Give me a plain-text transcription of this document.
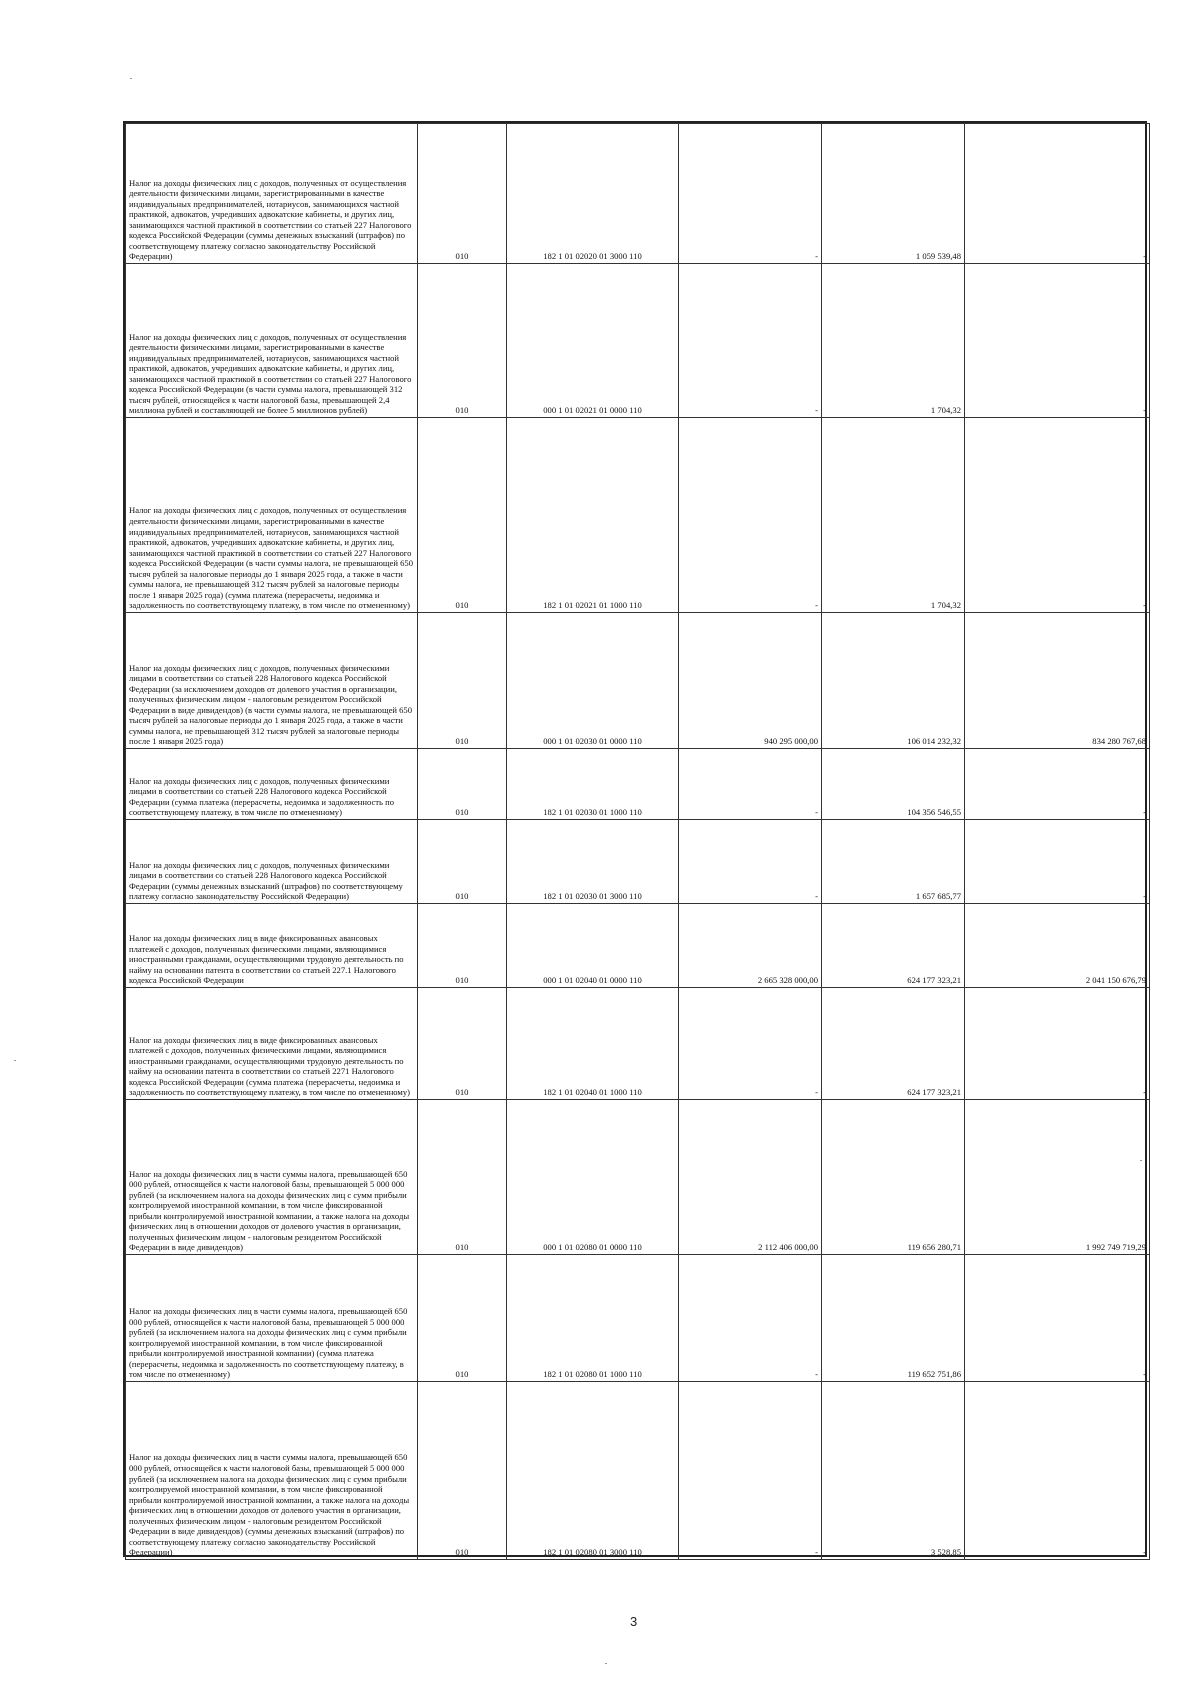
Налог на доходы физических лиц с доходов, полученных от осуществления деятельности физическими лицами, зарегистрированными в качестве индивидуальных предпринимателей, нотариусов, занимающихся частной практикой, адвокатов, учредивших адвокатские кабинеты, и других лиц, занимающихся частной практикой в соответствии со статьей 227 Налогового кодекса Российской Федерации (суммы денежных взысканий (штрафов) по соответствующему платежу согласно законодательству Российской Федерации)	010	182 1 01 02020 01 3000 110	-	1 059 539,48	-

Налог на доходы физических лиц с доходов, полученных от осуществления деятельности физическими лицами, зарегистрированными в качестве индивидуальных предпринимателей, нотариусов, занимающихся частной практикой, адвокатов, учредивших адвокатские кабинеты, и других лиц, занимающихся частной практикой в соответствии со статьей 227 Налогового кодекса Российской Федерации (в части суммы налога, превышающей 312 тысяч рублей, относящейся к части налоговой базы, превышающей 2,4 миллиона рублей и составляющей не более 5 миллионов рублей)	010	000 1 01 02021 01 0000 110	-	1 704,32	-

Налог на доходы физических лиц с доходов, полученных от осуществления деятельности физическими лицами, зарегистрированными в качестве индивидуальных предпринимателей, нотариусов, занимающихся частной практикой, адвокатов, учредивших адвокатские кабинеты, и других лиц, занимающихся частной практикой в соответствии со статьей 227 Налогового кодекса Российской Федерации (в части суммы налога, не превышающей 650 тысяч рублей за налоговые периоды до 1 января 2025 года, а также в части суммы налога, не превышающей 312 тысяч рублей за налоговые периоды после 1 января 2025 года) (сумма платежа (перерасчеты, недоимка и задолженность по соответствующему платежу, в том числе по отмененному)	010	182 1 01 02021 01 1000 110	-	1 704,32	-

Налог на доходы физических лиц с доходов, полученных физическими лицами в соответствии со статьей 228 Налогового кодекса Российской Федерации (за исключением доходов от долевого участия в организации, полученных физическим лицом - налоговым резидентом Российской Федерации в виде дивидендов) (в части суммы налога, не превышающей 650 тысяч рублей за налоговые периоды до 1 января 2025 года, а также в части суммы налога, не превышающей 312 тысяч рублей за налоговые периоды после 1 января 2025 года)	010	000 1 01 02030 01 0000 110	940 295 000,00	106 014 232,32	834 280 767,68

Налог на доходы физических лиц с доходов, полученных физическими лицами в соответствии со статьей 228 Налогового кодекса Российской Федерации (сумма платежа (перерасчеты, недоимка и задолженность по соответствующему платежу, в том числе по отмененному)	010	182 1 01 02030 01 1000 110	-	104 356 546,55	-

Налог на доходы физических лиц с доходов, полученных физическими лицами в соответствии со статьей 228 Налогового кодекса Российской Федерации (суммы денежных взысканий (штрафов) по соответствующему платежу согласно законодательству Российской Федерации)	010	182 1 01 02030 01 3000 110	-	1 657 685,77	-

Налог на доходы физических лиц в виде фиксированных авансовых платежей с доходов, полученных физическими лицами, являющимися иностранными гражданами, осуществляющими трудовую деятельность по найму на основании патента в соответствии со статьей 227.1 Налогового кодекса Российской Федерации	010	000 1 01 02040 01 0000 110	2 665 328 000,00	624 177 323,21	2 041 150 676,79

Налог на доходы физических лиц в виде фиксированных авансовых платежей с доходов, полученных физическими лицами, являющимися иностранными гражданами, осуществляющими трудовую деятельность по найму на основании патента в соответствии со статьей 2271 Налогового кодекса Российской Федерации (сумма платежа (перерасчеты, недоимка и задолженность по соответствующему платежу, в том числе по отмененному)	010	182 1 01 02040 01 1000 110	-	624 177 323,21	-

Налог на доходы физических лиц в части суммы налога, превышающей 650 000 рублей, относящейся к части налоговой базы, превышающей 5 000 000 рублей (за исключением налога на доходы физических лиц с сумм прибыли контролируемой иностранной компании, в том числе фиксированной прибыли контролируемой иностранной компании, а также налога на доходы физических лиц в отношении доходов от долевого участия в организации, полученных физическим лицом - налоговым резидентом Российской Федерации в виде дивидендов)	010	000 1 01 02080 01 0000 110	2 112 406 000,00	119 656 280,71	1 992 749 719,29

Налог на доходы физических лиц в части суммы налога, превышающей 650 000 рублей, относящейся к части налоговой базы, превышающей 5 000 000 рублей (за исключением налога на доходы физических лиц с сумм прибыли контролируемой иностранной компании, в том числе фиксированной прибыли контролируемой иностранной компании) (сумма платежа (перерасчеты, недоимка и задолженность по соответствующему платежу, в том числе по отмененному)	010	182 1 01 02080 01 1000 110	-	119 652 751,86	-

Налог на доходы физических лиц в части суммы налога, превышающей 650 000 рублей, относящейся к части налоговой базы, превышающей 5 000 000 рублей (за исключением налога на доходы физических лиц с сумм прибыли контролируемой иностранной компании, в том числе фиксированной прибыли контролируемой иностранной компании, а также налога на доходы физических лиц в отношении доходов от долевого участия в организации, полученных физическим лицом - налоговым резидентом Российской Федерации в виде дивидендов) (суммы денежных взысканий (штрафов) по соответствующему платежу согласно законодательству Российской Федерации)	010	182 1 01 02080 01 3000 110	-	3 528,85	-
3
